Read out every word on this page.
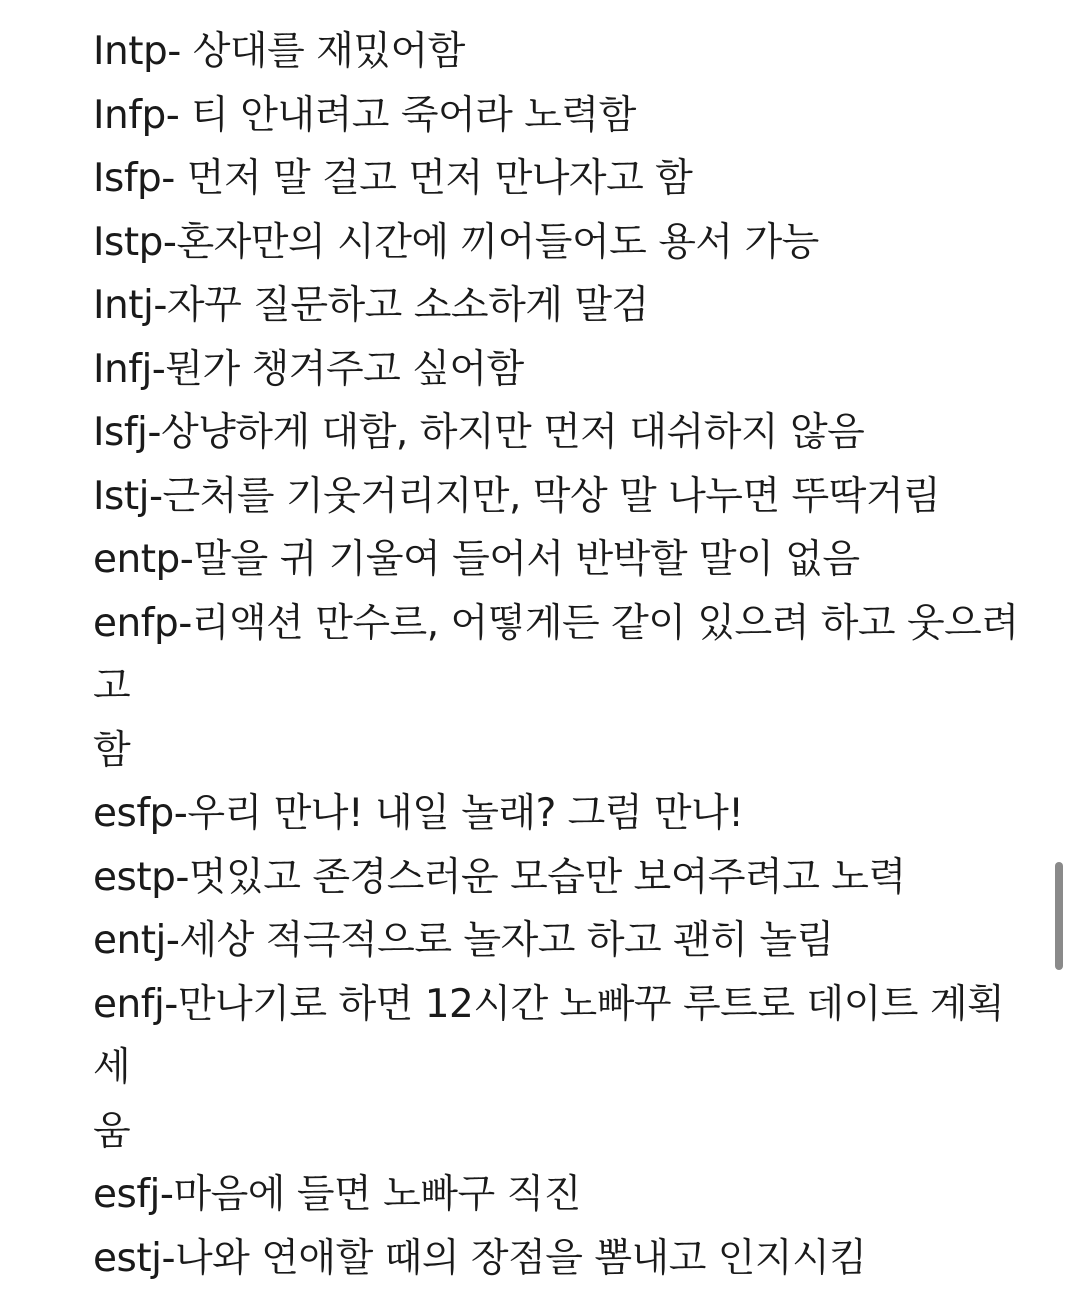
Intp- 상대를 재밌어함

Infp- 티 안내려고 죽어라 노력함

Isfp- 먼저 말 걸고 먼저 만나자고 함

Istp-혼자만의 시간에 끼어들어도 용서 가능

Intj-자꾸 질문하고 소소하게 말검

Infj-뭔가 챙겨주고 싶어함

Isfj-상냥하게 대함, 하지만 먼저 대쉬하지 않음

Istj-근처를 기웃거리지만, 막상 말 나누면 뚜딱거림

entp-말을 귀 기울여 들어서 반박할 말이 없음

enfp-리액션 만수르, 어떻게든 같이 있으려 하고 웃으려고

함

esfp-우리 만나! 내일 놀래? 그럼 만나!

estp-멋있고 존경스러운 모습만 보여주려고 노력

entj-세상 적극적으로 놀자고 하고 괜히 놀림

enfj-만나기로 하면 12시간 노빠꾸 루트로 데이트 계획 세

움

esfj-마음에 들면 노빠구 직진

estj-나와 연애할 때의 장점을 뽐내고 인지시킴
